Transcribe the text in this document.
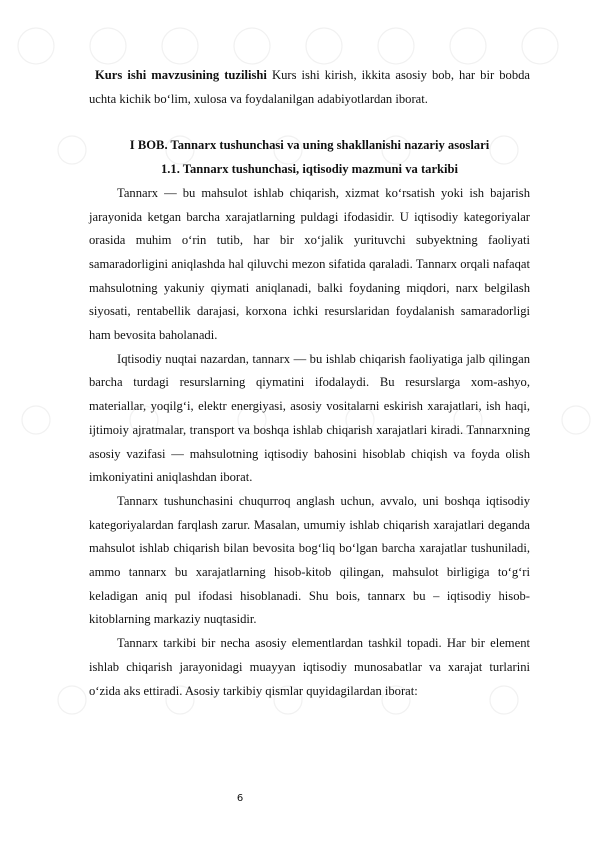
Kurs ishi mavzusining tuzilishi Kurs ishi kirish, ikkita asosiy bob, har bir bobda uchta kichik bo‘lim, xulosa va foydalanilgan adabiyotlardan iborat.

I BOB. Tannarx tushunchasi va uning shakllanishi nazariy asoslari

1.1. Tannarx tushunchasi, iqtisodiy mazmuni va tarkibi

Tannarx — bu mahsulot ishlab chiqarish, xizmat ko‘rsatish yoki ish bajarish jarayonida ketgan barcha xarajatlarning puldagi ifodasidir. U iqtisodiy kategoriyalar orasida muhim o‘rin tutib, har bir xo‘jalik yurituvchi subyektning faoliyati samaradorligini aniqlashda hal qiluvchi mezon sifatida qaraladi. Tannarx orqali nafaqat mahsulotning yakuniy qiymati aniqlanadi, balki foydaning miqdori, narx belgilash siyosati, rentabellik darajasi, korxona ichki resurslaridan foydalanish samaradorligi ham bevosita baholanadi.

Iqtisodiy nuqtai nazardan, tannarx — bu ishlab chiqarish faoliyatiga jalb qilingan barcha turdagi resurslarning qiymatini ifodalaydi. Bu resurslarga xom-ashyo, materiallar, yoqilg‘i, elektr energiyasi, asosiy vositalarni eskirish xarajatlari, ish haqi, ijtimoiy ajratmalar, transport va boshqa ishlab chiqarish xarajatlari kiradi. Tannarxning asosiy vazifasi — mahsulotning iqtisodiy bahosini hisoblab chiqish va foyda olish imkoniyatini aniqlashdan iborat.

Tannarx tushunchasini chuqurroq anglash uchun, avvalo, uni boshqa iqtisodiy kategoriyalardan farqlash zarur. Masalan, umumiy ishlab chiqarish xarajatlari deganda mahsulot ishlab chiqarish bilan bevosita bog‘liq bo‘lgan barcha xarajatlar tushuniladi, ammo tannarx bu xarajatlarning hisob-kitob qilingan, mahsulot birligiga to‘g‘ri keladigan aniq pul ifodasi hisoblanadi. Shu bois, tannarx bu – iqtisodiy hisob-kitoblarning markaziy nuqtasidir.

Tannarx tarkibi bir necha asosiy elementlardan tashkil topadi. Har bir element ishlab chiqarish jarayonidagi muayyan iqtisodiy munosabatlar va xarajat turlarini o‘zida aks ettiradi. Asosiy tarkibiy qismlar quyidagilardan iborat:

6
